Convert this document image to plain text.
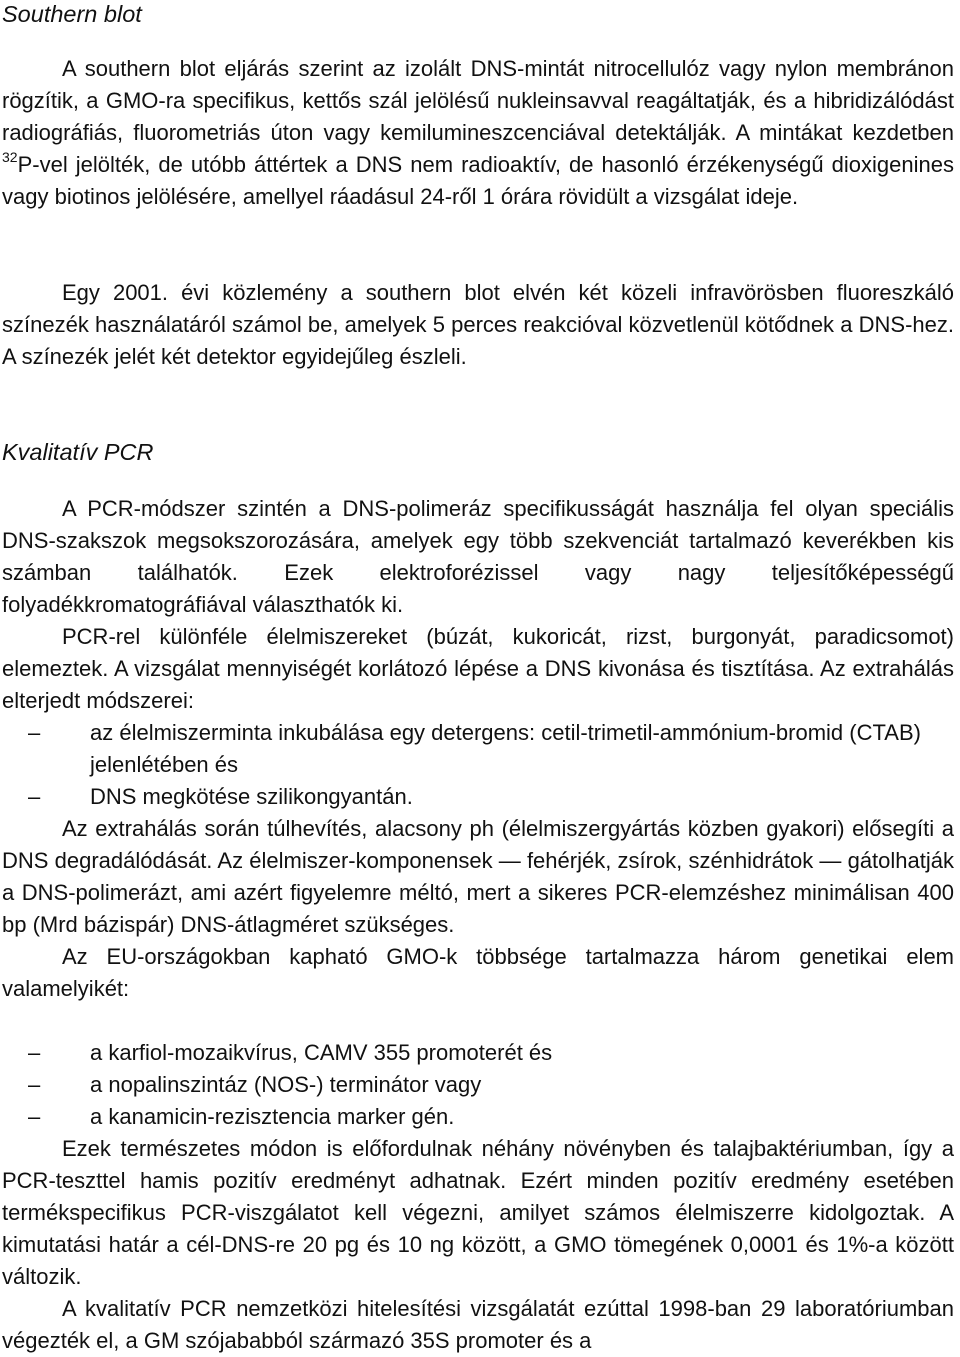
Southern blot

A southern blot eljárás szerint az izolált DNS-mintát nitrocellulóz vagy nylon membránon rögzítik, a GMO-ra specifikus, kettős szál jelölésű nukleinsavval reagáltatják, és a hibridizálódást radiográfiás, fluorometriás úton vagy kemilumineszcenciával detektálják. A mintákat kezdetben $^{32}$P-vel jelölték, de utóbb áttértek a DNS nem radioaktív, de hasonló érzékenységű dioxigenines vagy biotinos jelölésére, amellyel ráadásul 24-ről 1 órára rövidült a vizsgálat ideje.

Egy 2001. évi közlemény a southern blot elvén két közeli infravörösben fluoreszkáló színezék használatáról számol be, amelyek 5 perces reakcióval közvetlenül kötődnek a DNS-hez. A színezék jelét két detektor egyidejűleg észleli.

Kvalitatív PCR

A PCR-módszer szintén a DNS-polimeráz specifikusságát használja fel olyan speciális DNS-szakszok megsokszorozására, amelyek egy több szekvenciát tartalmazó keverékben kis számban találhatók. Ezek elektroforézissel vagy nagy teljesítőképességű folyadékkromatográfiával választhatók ki.

PCR-rel különféle élelmiszereket (búzát, kukoricát, rizst, burgonyát, paradicsomot) elemeztek. A vizsgálat mennyiségét korlátozó lépése a DNS kivonása és tisztítása. Az extrahálás elterjedt módszerei:

– az élelmiszerminta inkubálása egy detergens: cetil-trimetil-ammónium-bromid (CTAB) jelenlétében és
– DNS megkötése szilikongyantán.

Az extrahálás során túlhevítés, alacsony ph (élelmiszergyártás közben gyakori) elősegíti a DNS degradálódását. Az élelmiszer-komponensek — fehérjék, zsírok, szénhidrátok — gátolhatják a DNS-polimerázt, ami azért figyelemre méltó, mert a sikeres PCR-elemzéshez minimálisan 400 bp (Mrd bázispár) DNS-átlagméret szükséges.

Az EU-országokban kapható GMO-k többsége tartalmazza három genetikai elem valamelyikét:

– a karfiol-mozaikvírus, CAMV 355 promoterét és
– a nopalinszintáz (NOS-) terminátor vagy
– a kanamicin-rezisztencia marker gén.

Ezek természetes módon is előfordulnak néhány növényben és talajbaktériumban, így a PCR-teszttel hamis pozitív eredményt adhatnak. Ezért minden pozitív eredmény esetében termékspecifikus PCR-viszgálatot kell végezni, amilyet számos élelmiszerre kidolgoztak. A kimutatási határ a cél-DNS-re 20 pg és 10 ng között, a GMO tömegének 0,0001 és 1%-a között változik.

A kvalitatív PCR nemzetközi hitelesítési vizsgálatát ezúttal 1998-ban 29 laboratóriumban végezték el, a GM szójababból származó 35S promoter és a
